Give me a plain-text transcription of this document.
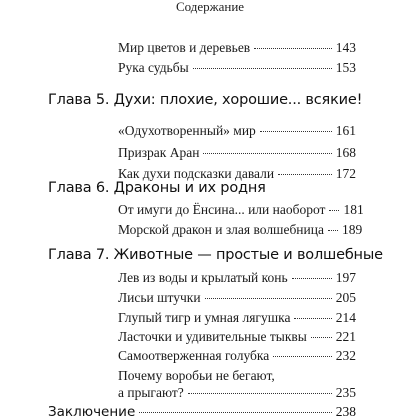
Содержание
Мир цветов и деревьев	143
Рука судьбы	153
Глава 5. Духи: плохие, хорошие... всякие!
«Одухотворенный» мир	161
Призрак Аран	168
Как духи подсказки давали	172
Глава 6. Драконы и их родня
От имуги до Ёнсина... или наоборот 181
Морской дракон и злая волшебница 189
Глава 7. Животные — простые и волшебные
Лев из воды и крылатый конь	197
Лисьи штучки	205
Глупый тигр и умная лягушка	214
Ласточки и удивительные тыквы 221
Самоотверженная голубка	232
Почему воробьи не бегают,
а прыгают?	235
Заключение	238
